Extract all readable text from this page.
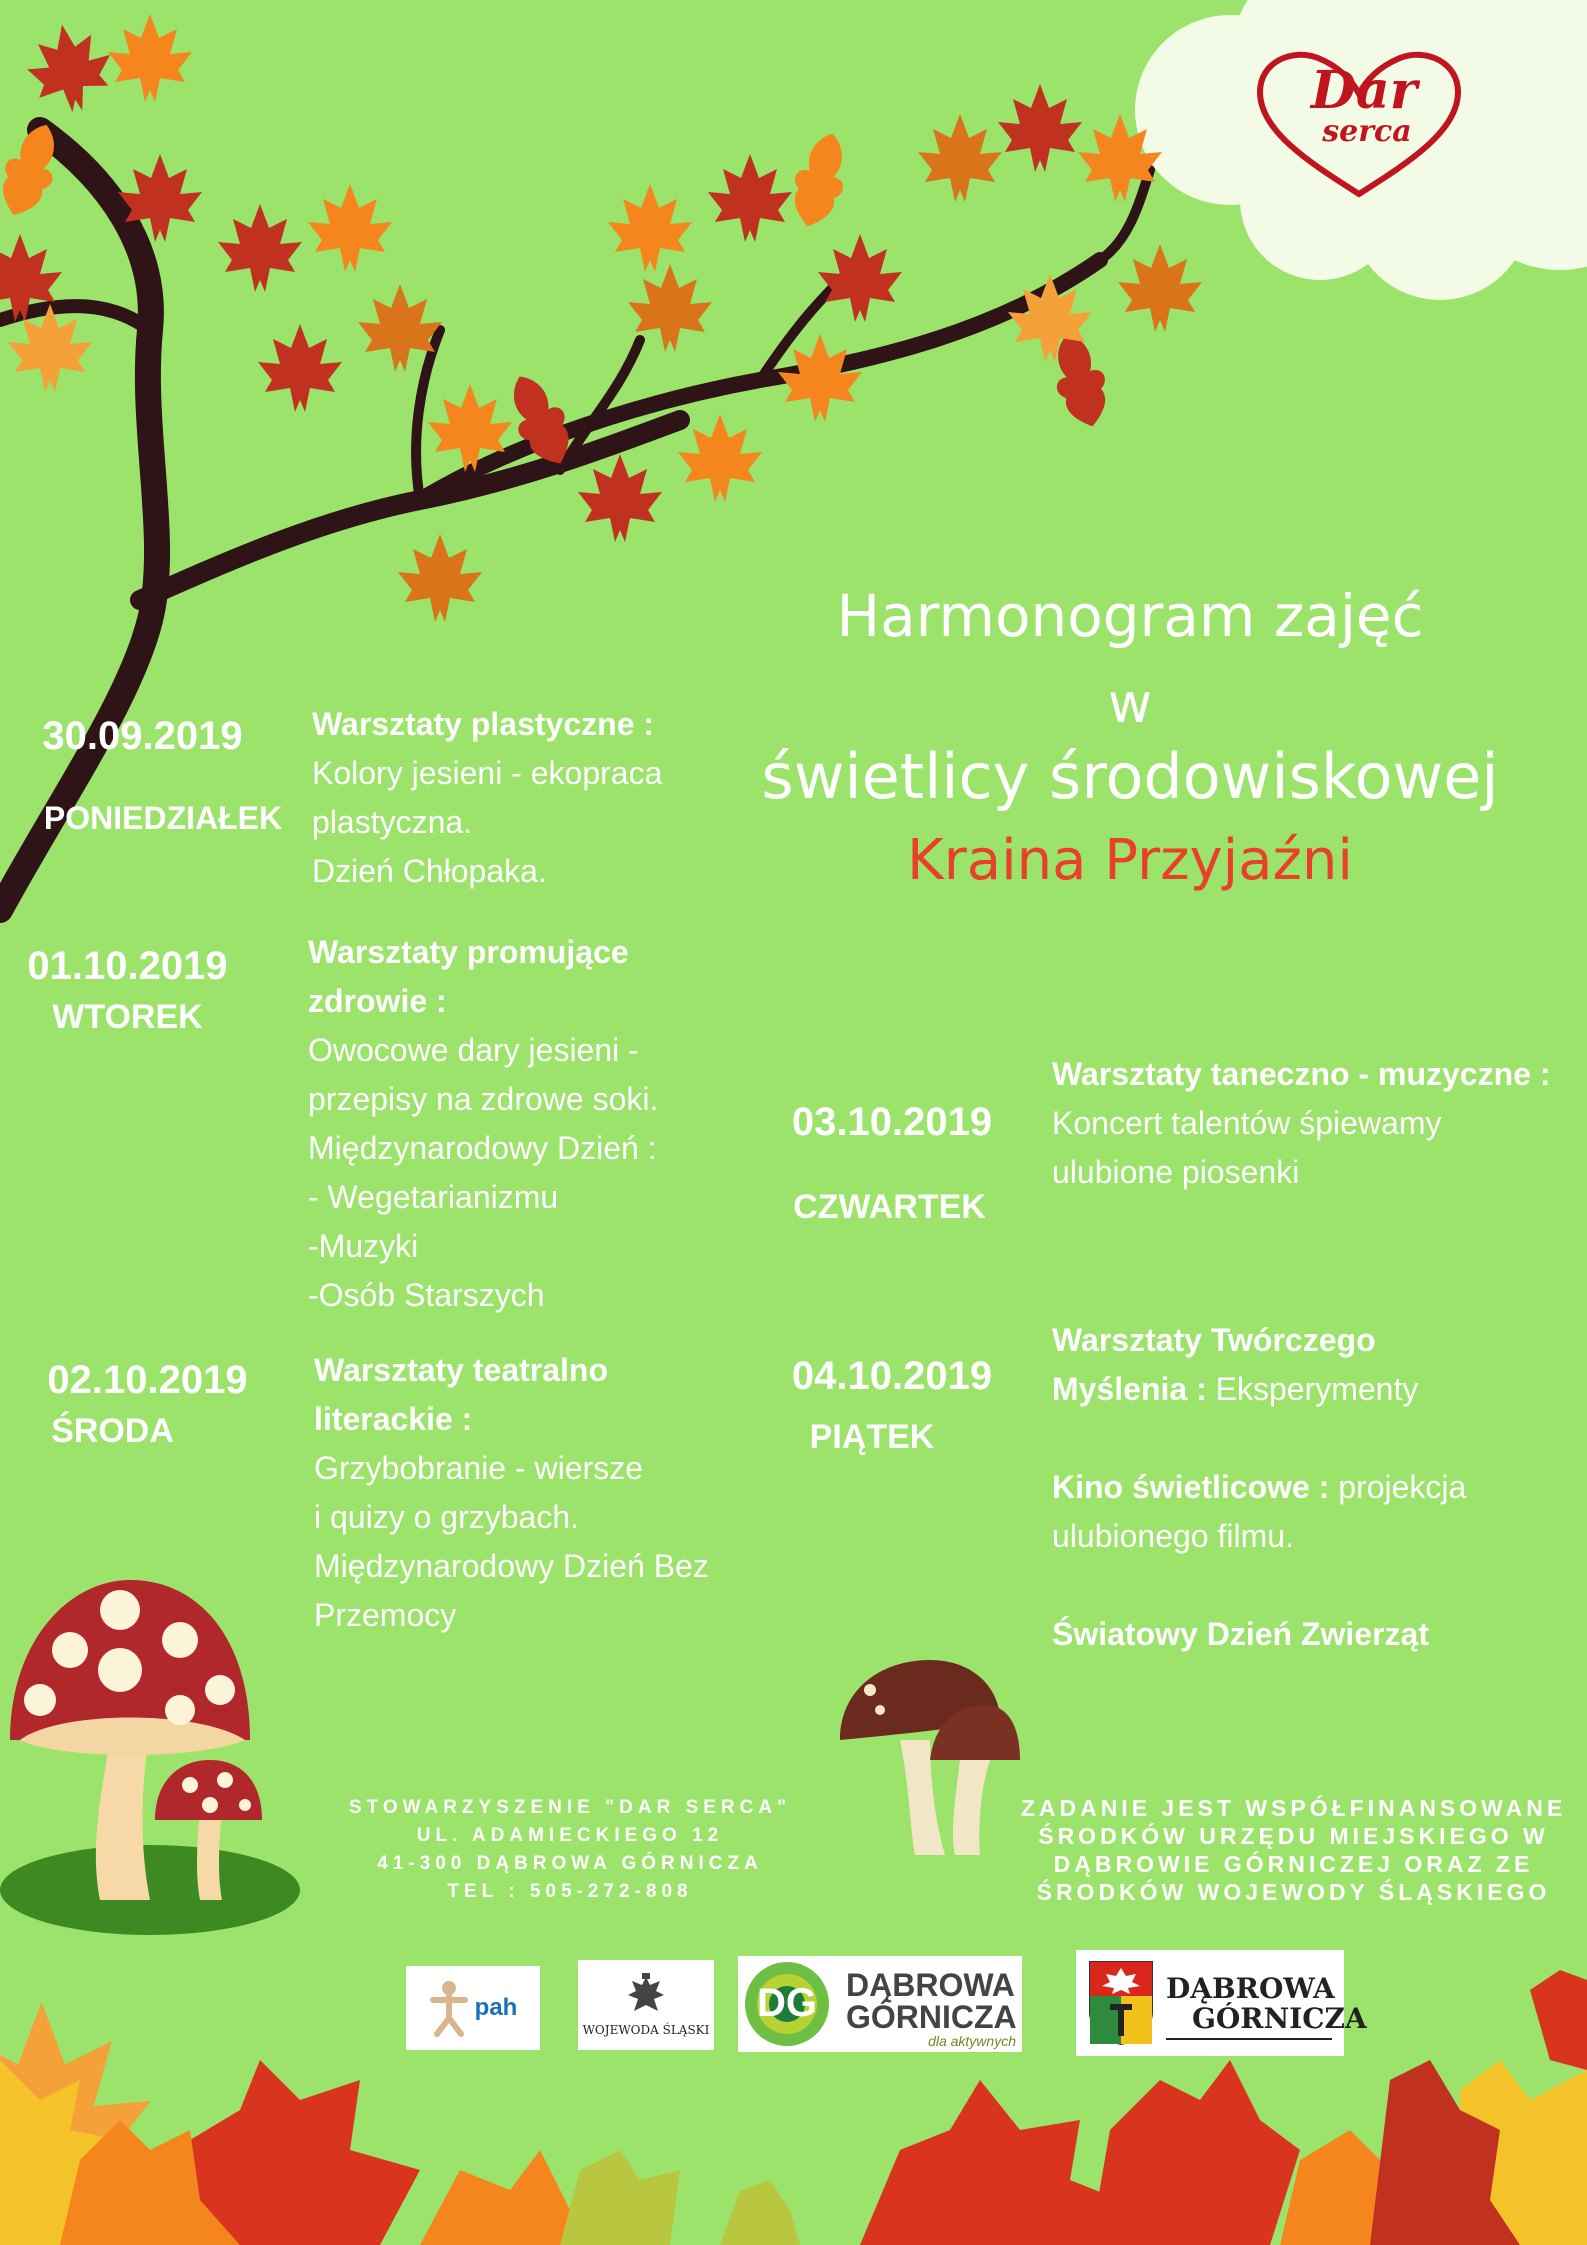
Dar
serca
Harmonogram zajęć
w
świetlicy środowiskowej
Kraina Przyjaźni
30.09.2019
PONIEDZIAŁEK
Warsztaty plastyczne :
Kolory jesieni - ekopraca
plastyczna.
Dzień Chłopaka.
01.10.2019
WTOREK
Warsztaty promujące
zdrowie :
Owocowe dary jesieni -
przepisy na zdrowe soki.
Międzynarodowy Dzień :
- Wegetarianizmu
-Muzyki
-Osób Starszych
02.10.2019
ŚRODA
Warsztaty teatralno
literackie :
Grzybobranie - wiersze
i quizy o grzybach.
Międzynarodowy Dzień Bez
Przemocy
03.10.2019
CZWARTEK
Warsztaty taneczno - muzyczne :
Koncert talentów śpiewamy
ulubione piosenki
04.10.2019
PIĄTEK
Warsztaty Twórczego
Myślenia : Eksperymenty
Kino świetlicowe : projekcja
ulubionego filmu.
Światowy Dzień Zwierząt
STOWARZYSZENIE "DAR SERCA"
UL. ADAMIECKIEGO 12
41-300 DĄBROWA GÓRNICZA
TEL : 505-272-808
ZADANIE JEST WSPÓŁFINANSOWANE
ŚRODKÓW URZĘDU MIEJSKIEGO W
DĄBROWIE GÓRNICZEJ ORAZ ZE
ŚRODKÓW WOJEWODY ŚLĄSKIEGO
pah
WOJEWODA ŚLĄSKI
DG DĄBROWA
GÓRNICZA
dla aktywnych
DĄBROWA
GÓRNICZA
